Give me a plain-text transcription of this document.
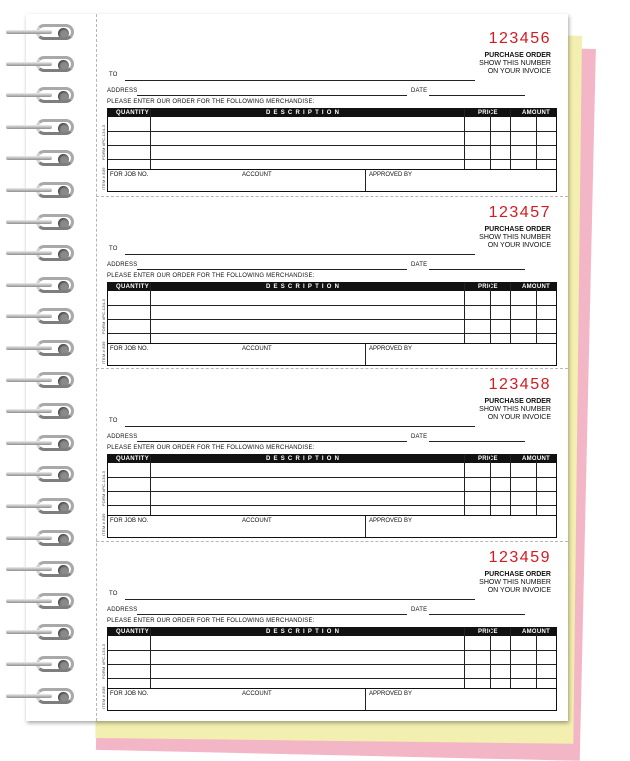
123456
PURCHASE ORDER
SHOW THIS NUMBER
ON YOUR INVOICE
TO
ADDRESS	DATE
PLEASE ENTER OUR ORDER FOR THE FOLLOWING MERCHANDISE:
QUANTITY	DESCRIPTION	PRICE	AMOUNT
FOR JOB NO.	ACCOUNT	APPROVED BY
FORM #PC-134-3
ITEM # 839
123457
PURCHASE ORDER
SHOW THIS NUMBER
ON YOUR INVOICE
TO
ADDRESS	DATE
PLEASE ENTER OUR ORDER FOR THE FOLLOWING MERCHANDISE:
QUANTITY	DESCRIPTION	PRICE	AMOUNT
FOR JOB NO.	ACCOUNT	APPROVED BY
FORM #PC-134-3
ITEM # 839
123458
PURCHASE ORDER
SHOW THIS NUMBER
ON YOUR INVOICE
TO
ADDRESS	DATE
PLEASE ENTER OUR ORDER FOR THE FOLLOWING MERCHANDISE:
QUANTITY	DESCRIPTION	PRICE	AMOUNT
FOR JOB NO.	ACCOUNT	APPROVED BY
FORM #PC-134-3
ITEM # 839
123459
PURCHASE ORDER
SHOW THIS NUMBER
ON YOUR INVOICE
TO
ADDRESS	DATE
PLEASE ENTER OUR ORDER FOR THE FOLLOWING MERCHANDISE:
QUANTITY	DESCRIPTION	PRICE	AMOUNT
FOR JOB NO.	ACCOUNT	APPROVED BY
FORM #PC-134-3
ITEM # 839
